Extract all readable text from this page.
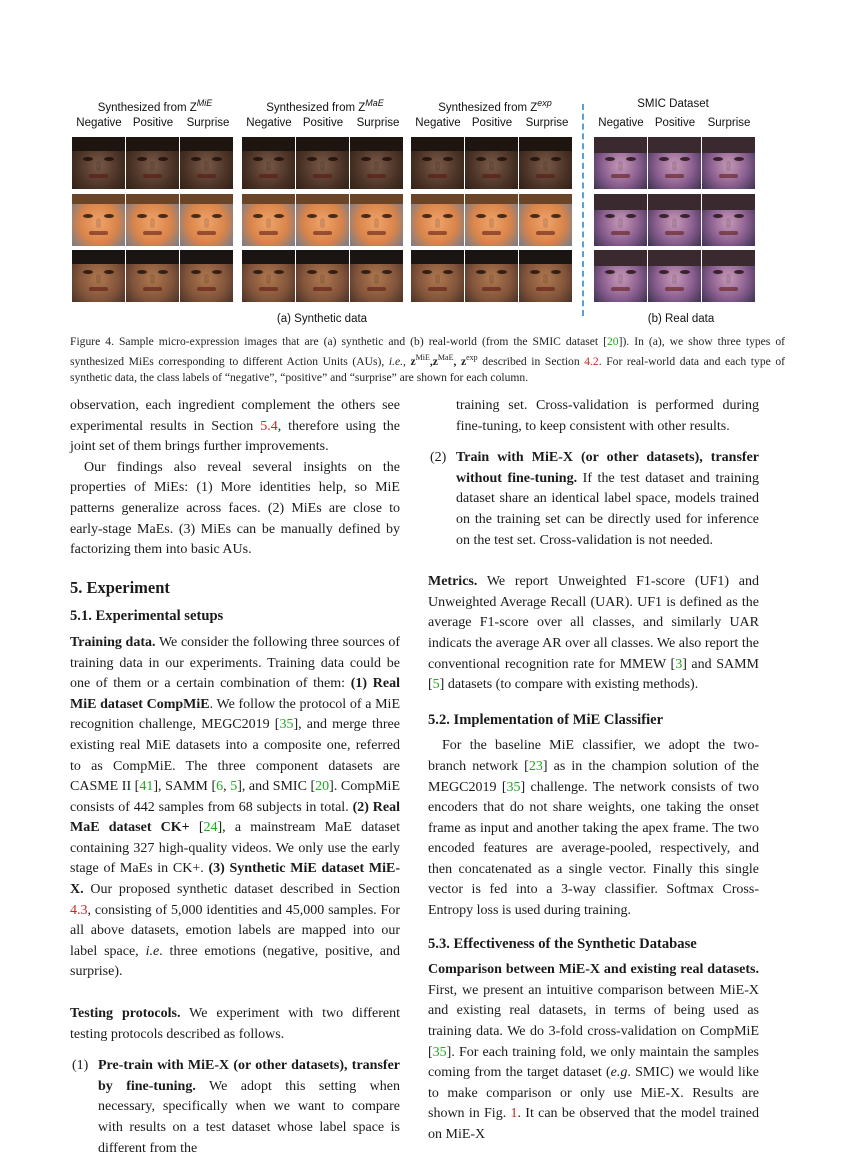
Synthesized from $Z^{MiE}$	Synthesized from $Z^{MaE}$	Synthesized from $Z^{exp}$	SMIC Dataset
Negative Positive	Surprise	Negative Positive	Surprise	Negative Positive	Surprise	Negative Positive	Surprise
(a) Synthetic data	(b) Real data
Figure 4. Sample micro-expression images that are (a) synthetic and (b) real-world (from the SMIC dataset [20]). In (a), we show three types of synthesized MiEs corresponding to different Action Units (AUs), i.e., $z^{MiE},z^{MaE}$, $z^{exp}$ described in Section 4.2. For real-world data and each type of synthetic data, the class labels of “negative”, “positive” and “surprise” are shown for each column.

observation, each ingredient complement the others see experimental results in Section 5.4, therefore using the joint set of them brings further improvements.

Our findings also reveal several insights on the properties of MiEs: (1) More identities help, so MiE patterns generalize across faces. (2) MiEs are close to early-stage MaEs. (3) MiEs can be manually defined by factorizing them into basic AUs.

5. Experiment
5.1. Experimental setups

Training data. We consider the following three sources of training data in our experiments. Training data could be one of them or a certain combination of them: (1) Real MiE dataset CompMiE. We follow the protocol of a MiE recognition challenge, MEGC2019 [35], and merge three existing real MiE datasets into a composite one, referred to as CompMiE. The three component datasets are CASME II [41], SAMM [6, 5], and SMIC [20]. CompMiE consists of 442 samples from 68 subjects in total. (2) Real MaE dataset CK+ [24], a mainstream MaE dataset containing 327 high-quality videos. We only use the early stage of MaEs in CK+. (3) Synthetic MiE dataset MiE-X. Our proposed synthetic dataset described in Section 4.3, consisting of 5,000 identities and 45,000 samples. For all above datasets, emotion labels are mapped into our label space, i.e. three emotions (negative, positive, and surprise).

Testing protocols. We experiment with two different testing protocols described as follows.

(1) Pre-train with MiE-X (or other datasets), transfer by fine-tuning. We adopt this setting when necessary, specifically when we want to compare with results on a test dataset whose label space is different from the
training set. Cross-validation is performed during fine-tuning, to keep consistent with other results.
(2) Train with MiE-X (or other datasets), transfer without fine-tuning. If the test dataset and training dataset share an identical label space, models trained on the training set can be directly used for inference on the test set. Cross-validation is not needed.

Metrics. We report Unweighted F1-score (UF1) and Unweighted Average Recall (UAR). UF1 is defined as the average F1-score over all classes, and similarly UAR indicats the average AR over all classes. We also report the conventional recognition rate for MMEW [3] and SAMM [5] datasets (to compare with existing methods).

5.2. Implementation of MiE Classifier

For the baseline MiE classifier, we adopt the two-branch network [23] as in the champion solution of the MEGC2019 [35] challenge. The network consists of two encoders that do not share weights, one taking the onset frame as input and another taking the apex frame. The two encoded features are average-pooled, respectively, and then concatenated as a single vector. Finally this single vector is fed into a 3-way classifier. Softmax Cross-Entropy loss is used during training.

5.3. Effectiveness of the Synthetic Database

Comparison between MiE-X and existing real datasets. First, we present an intuitive comparison between MiE-X and existing real datasets, in terms of being used as training data. We do 3-fold cross-validation on CompMiE [35]. For each training fold, we only maintain the samples coming from the target dataset (e.g. SMIC) we would like to make comparison or only use MiE-X. Results are shown in Fig. 1. It can be observed that the model trained on MiE-X
